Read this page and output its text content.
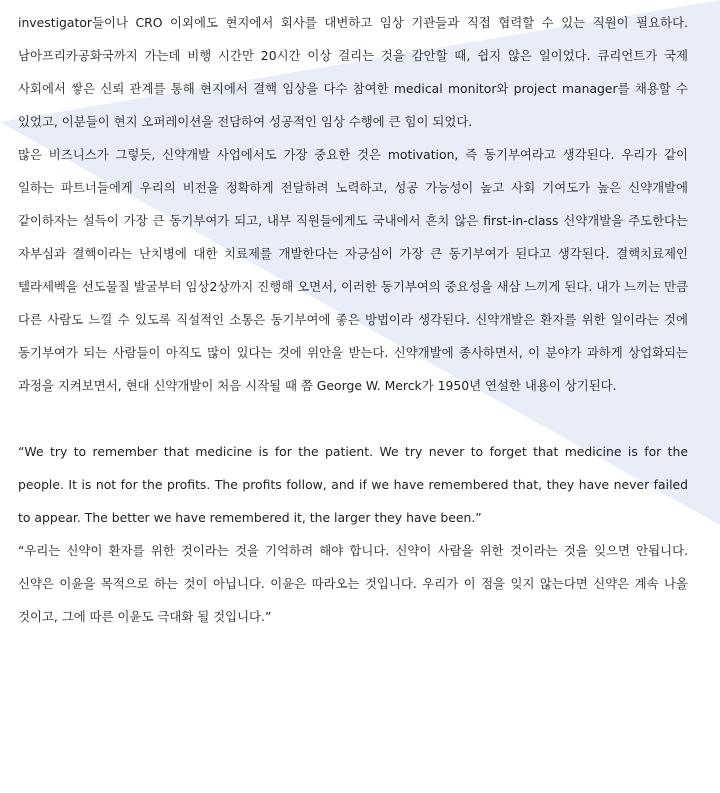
investigator들이나 CRO 이외에도 현지에서 회사를 대변하고 임상 기관들과 직접 협력할 수 있는 직원이 필요하다. 남아프리카공화국까지 가는데 비행 시간만 20시간 이상 걸리는 것을 감안할 때, 쉽지 않은 일이었다. 큐리언트가 국제 사회에서 쌓은 신뢰 관계를 통해 현지에서 결핵 임상을 다수 참여한 medical monitor와 project manager를 채용할 수 있었고, 이분들이 현지 오퍼레이션을 전담하여 성공적인 임상 수행에 큰 힘이 되었다.

많은 비즈니스가 그렇듯, 신약개발 사업에서도 가장 중요한 것은 motivation, 즉 동기부여라고 생각된다. 우리가 같이 일하는 파트너들에게 우리의 비전을 정확하게 전달하려 노력하고, 성공 가능성이 높고 사회 기여도가 높은 신약개발에 같이하자는 설득이 가장 큰 동기부여가 되고, 내부 직원들에게도 국내에서 흔치 않은 first-in-class 신약개발을 주도한다는 자부심과 결핵이라는 난치병에 대한 치료제를 개발한다는 자긍심이 가장 큰 동기부여가 된다고 생각된다. 결핵치료제인 텔라세벡을 선도물질 발굴부터 임상2상까지 진행해 오면서, 이러한 동기부여의 중요성을 새삼 느끼게 된다. 내가 느끼는 만큼 다른 사람도 느낄 수 있도록 직설적인 소통은 동기부여에 좋은 방법이라 생각된다. 신약개발은 환자를 위한 일이라는 것에 동기부여가 되는 사람들이 아직도 많이 있다는 것에 위안을 받는다. 신약개발에 종사하면서, 이 분야가 과하게 상업화되는 과정을 지켜보면서, 현대 신약개발이 처음 시작될 때 쯤 George W. Merck가 1950년 연설한 내용이 상기된다.

“We try to remember that medicine is for the patient. We try never to forget that medicine is for the people. It is not for the profits. The profits follow, and if we have remembered that, they have never failed to appear. The better we have remembered it, the larger they have been.”

“우리는 신약이 환자를 위한 것이라는 것을 기억하려 해야 합니다. 신약이 사람을 위한 것이라는 것을 잊으면 안됩니다. 신약은 이윤을 목적으로 하는 것이 아닙니다. 이윤은 따라오는 것입니다. 우리가 이 점을 잊지 않는다면 신약은 계속 나올 것이고, 그에 따른 이윤도 극대화 될 것입니다.”
